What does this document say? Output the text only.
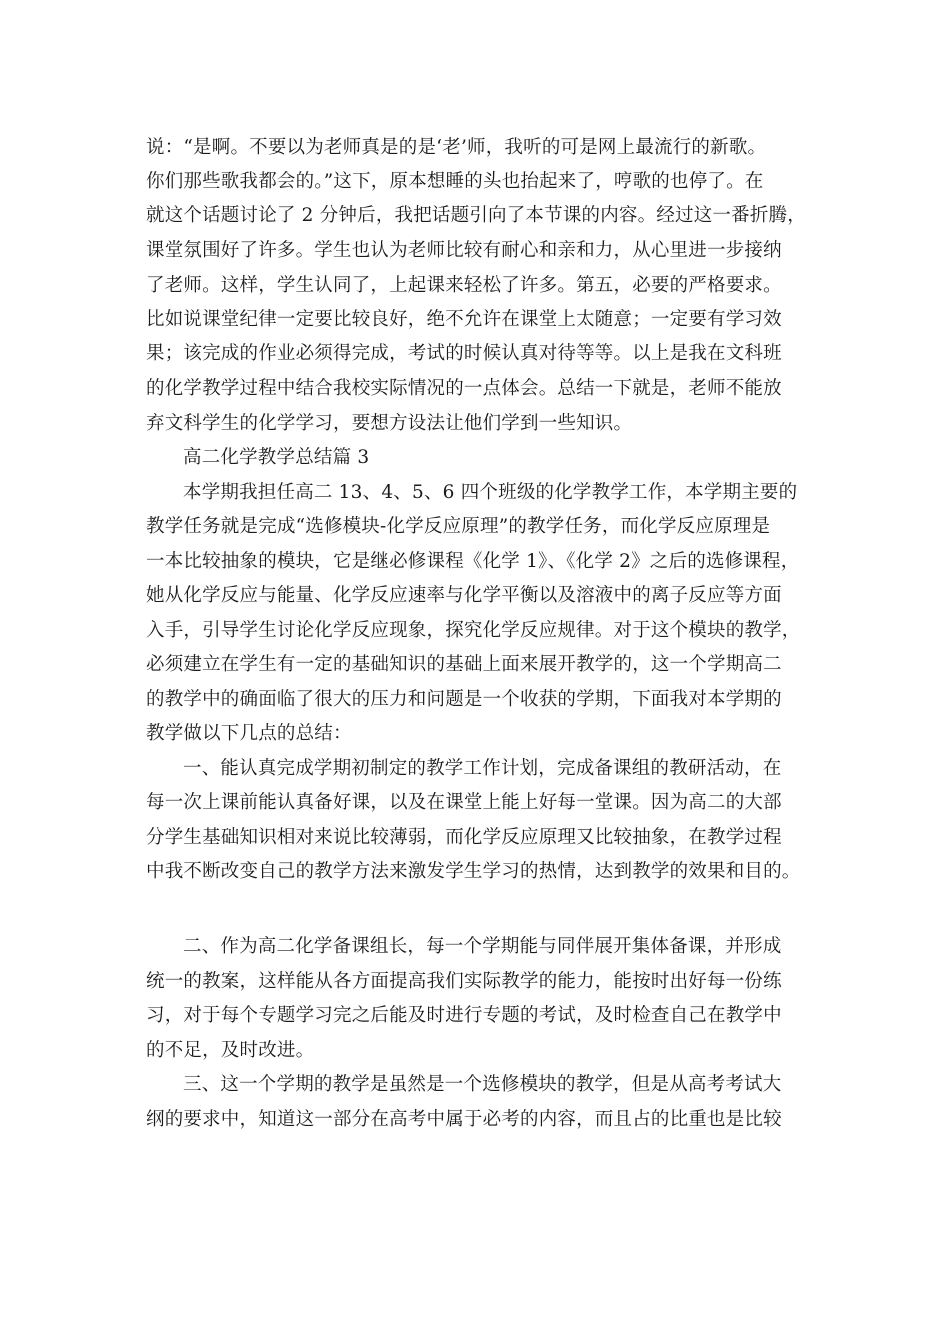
说：“是啊。不要以为老师真是的是‘老’师，我听的可是网上最流行的新歌。
你们那些歌我都会的。”这下，原本想睡的头也抬起来了，哼歌的也停了。在
就这个话题讨论了 2 分钟后，我把话题引向了本节课的内容。经过这一番折腾，
课堂氛围好了许多。学生也认为老师比较有耐心和亲和力，从心里进一步接纳
了老师。这样，学生认同了，上起课来轻松了许多。第五，必要的严格要求。
比如说课堂纪律一定要比较良好，绝不允许在课堂上太随意；一定要有学习效
果；该完成的作业必须得完成，考试的时候认真对待等等。以上是我在文科班
的化学教学过程中结合我校实际情况的一点体会。总结一下就是，老师不能放
弃文科学生的化学学习，要想方设法让他们学到一些知识。
高二化学教学总结篇 3
本学期我担任高二 13、4、5、6 四个班级的化学教学工作，本学期主要的
教学任务就是完成“选修模块-化学反应原理”的教学任务，而化学反应原理是
一本比较抽象的模块，它是继必修课程《化学 1》、《化学 2》之后的选修课程，
她从化学反应与能量、化学反应速率与化学平衡以及溶液中的离子反应等方面
入手，引导学生讨论化学反应现象，探究化学反应规律。对于这个模块的教学，
必须建立在学生有一定的基础知识的基础上面来展开教学的，这一个学期高二
的教学中的确面临了很大的压力和问题是一个收获的学期，下面我对本学期的
教学做以下几点的总结：
一、能认真完成学期初制定的教学工作计划，完成备课组的教研活动，在
每一次上课前能认真备好课，以及在课堂上能上好每一堂课。因为高二的大部
分学生基础知识相对来说比较薄弱，而化学反应原理又比较抽象，在教学过程
中我不断改变自己的教学方法来激发学生学习的热情，达到教学的效果和目的。
二、作为高二化学备课组长，每一个学期能与同伴展开集体备课，并形成
统一的教案，这样能从各方面提高我们实际教学的能力，能按时出好每一份练
习，对于每个专题学习完之后能及时进行专题的考试，及时检查自己在教学中
的不足，及时改进。
三、这一个学期的教学是虽然是一个选修模块的教学，但是从高考考试大
纲的要求中，知道这一部分在高考中属于必考的内容，而且占的比重也是比较
